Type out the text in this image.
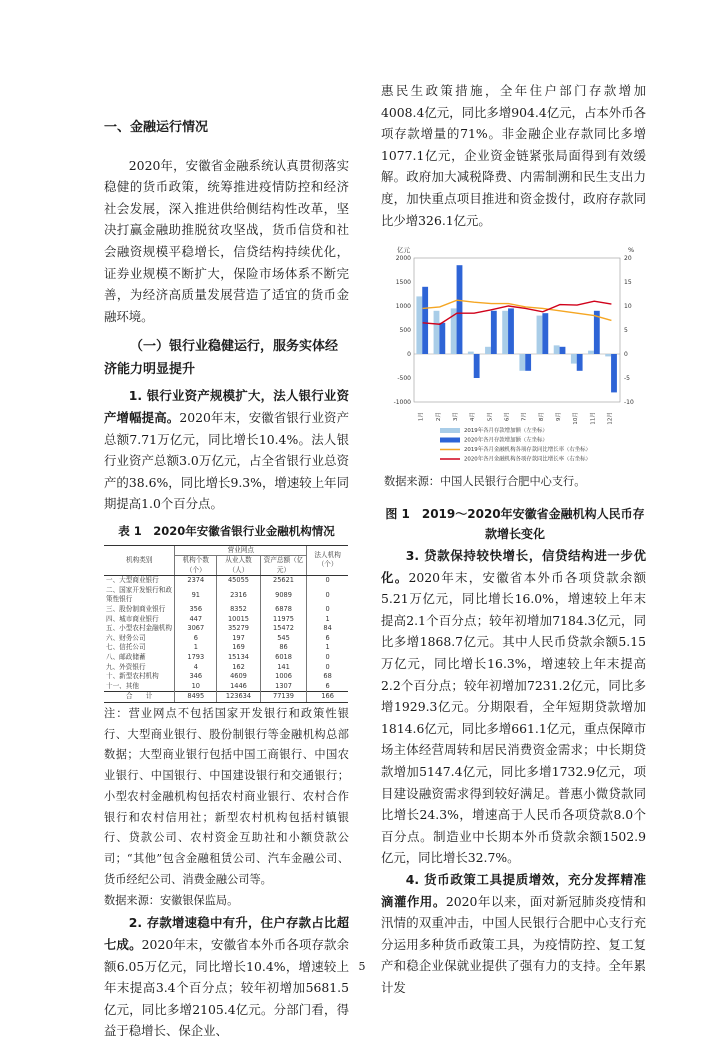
一、金融运行情况

2020年，安徽省金融系统认真贯彻落实稳健的货币政策，统筹推进疫情防控和经济社会发展，深入推进供给侧结构性改革，坚决打赢金融助推脱贫攻坚战，货币信贷和社会融资规模平稳增长，信贷结构持续优化，证券业规模不断扩大，保险市场体系不断完善，为经济高质量发展营造了适宜的货币金融环境。

（一）银行业稳健运行，服务实体经济能力明显提升

1. 银行业资产规模扩大，法人银行业资产增幅提高。2020年末，安徽省银行业资产总额7.71万亿元，同比增长10.4%。法人银行业资产总额3.0万亿元，占全省银行业总资产的38.6%，同比增长9.3%，增速较上年同期提高1.0个百分点。

表 1　2020年安徽省银行业金融机构情况
机构类别	营业网点			法人机构（个）
	机构个数（个）	从业人数（人）	资产总额（亿元）	
一、大型商业银行	2374	45055	25621	0
二、国家开发银行和政策性银行	91	2316	9089	0
三、股份制商业银行	356	8352	6878	0
四、城市商业银行	447	10015	11975	1
五、小型农村金融机构	3067	35279	15472	84
六、财务公司	6	197	545	6
七、信托公司	1	169	86	1
八、邮政储蓄	1793	15134	6018	0
九、外资银行	4	162	141	0
十、新型农村机构	346	4609	1006	68
十一、其他	10	1446	1307	6
合　　计	8495	123634	77139	166

注：营业网点不包括国家开发银行和政策性银行、大型商业银行、股份制银行等金融机构总部数据；大型商业银行包括中国工商银行、中国农业银行、中国银行、中国建设银行和交通银行；小型农村金融机构包括农村商业银行、农村合作银行和农村信用社；新型农村机构包括村镇银行、贷款公司、农村资金互助社和小额贷款公司；“其他”包含金融租赁公司、汽车金融公司、货币经纪公司、消费金融公司等。

数据来源：安徽银保监局。

2. 存款增速稳中有升，住户存款占比超七成。2020年末，安徽省本外币各项存款余额6.05万亿元，同比增长10.4%，增速较上年末提高3.4个百分点；较年初增加5681.5亿元，同比多增2105.4亿元。分部门看，得益于稳增长、保企业、

惠民生政策措施，全年住户部门存款增加4008.4亿元，同比多增904.4亿元，占本外币各项存款增量的71%。非金融企业存款同比多增1077.1亿元，企业资金链紧张局面得到有效缓解。政府加大减税降费、内需制溯和民生支出力度，加快重点项目推进和资金拨付，政府存款同比少增326.1亿元。

亿元	%
2000
1500
1000
500
0
-500
-1000
20
15
10
5
0
-5
-10
1月	2月	3月	4月	5月	6月	7月	8月	9月	10月	11月	12月
2019年各月存款增加额（左坐标）
2020年各月存款增加额（左坐标）
2019年各月金融机构各项存款同比增长率（右坐标）
2020年各月金融机构各项存款同比增长率（右坐标）
数据来源：中国人民银行合肥中心支行。
图 1　2019～2020年安徽省金融机构人民币存款增长变化

3. 贷款保持较快增长，信贷结构进一步优化。2020年末，安徽省本外币各项贷款余额5.21万亿元，同比增长16.0%，增速较上年末提高2.1个百分点；较年初增加7184.3亿元，同比多增1868.7亿元。其中人民币贷款余额5.15万亿元，同比增长16.3%，增速较上年末提高2.2个百分点；较年初增加7231.2亿元，同比多增1929.3亿元。分期限看，全年短期贷款增加1814.6亿元，同比多增661.1亿元，重点保障市场主体经营周转和居民消费资金需求；中长期贷款增加5147.4亿元，同比多增1732.9亿元，项目建设融资需求得到较好满足。普惠小微贷款同比增长24.3%，增速高于人民币各项贷款8.0个百分点。制造业中长期本外币贷款余额1502.9亿元，同比增长32.7%。

4. 货币政策工具提质增效，充分发挥精准滴灌作用。2020年以来，面对新冠肺炎疫情和汛情的双重冲击，中国人民银行合肥中心支行充分运用多种货币政策工具，为疫情防控、复工复产和稳企业保就业提供了强有力的支持。全年累计发

5
